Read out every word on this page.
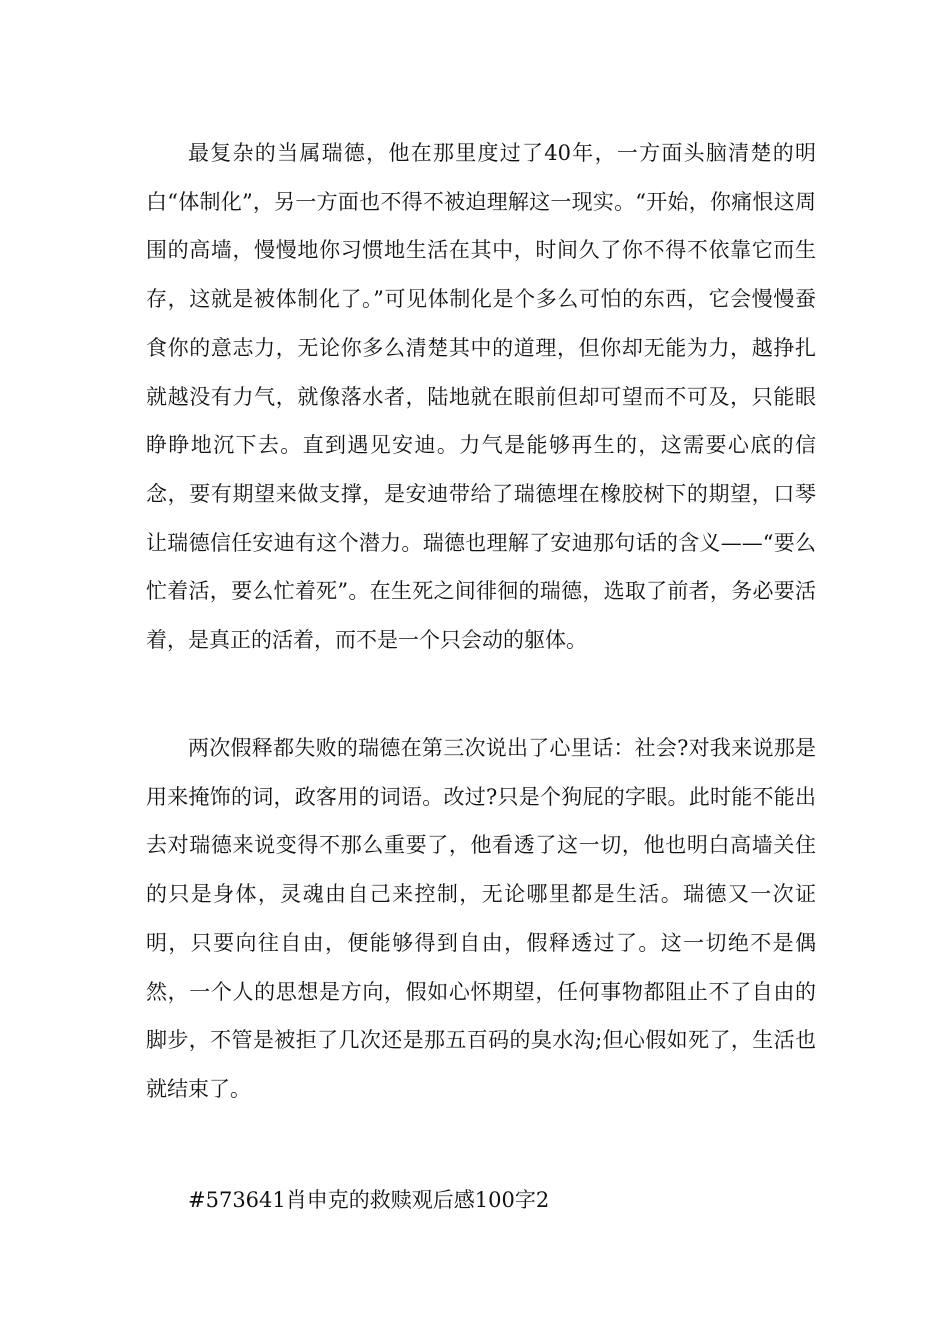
最复杂的当属瑞德，他在那里度过了40年，一方面头脑清楚的明白“体制化”，另一方面也不得不被迫理解这一现实。“开始，你痛恨这周围的高墙，慢慢地你习惯地生活在其中，时间久了你不得不依靠它而生存，这就是被体制化了。”可见体制化是个多么可怕的东西，它会慢慢蚕食你的意志力，无论你多么清楚其中的道理，但你却无能为力，越挣扎就越没有力气，就像落水者，陆地就在眼前但却可望而不可及，只能眼睁睁地沉下去。直到遇见安迪。力气是能够再生的，这需要心底的信念，要有期望来做支撑，是安迪带给了瑞德埋在橡胶树下的期望，口琴让瑞德信任安迪有这个潜力。瑞德也理解了安迪那句话的含义——“要么忙着活，要么忙着死”。在生死之间徘徊的瑞德，选取了前者，务必要活着，是真正的活着，而不是一个只会动的躯体。

两次假释都失败的瑞德在第三次说出了心里话：社会?对我来说那是用来掩饰的词，政客用的词语。改过?只是个狗屁的字眼。此时能不能出去对瑞德来说变得不那么重要了，他看透了这一切，他也明白高墙关住的只是身体，灵魂由自己来控制，无论哪里都是生活。瑞德又一次证明，只要向往自由，便能够得到自由，假释透过了。这一切绝不是偶然，一个人的思想是方向，假如心怀期望，任何事物都阻止不了自由的脚步，不管是被拒了几次还是那五百码的臭水沟;但心假如死了，生活也就结束了。

#573641肖申克的救赎观后感100字2
